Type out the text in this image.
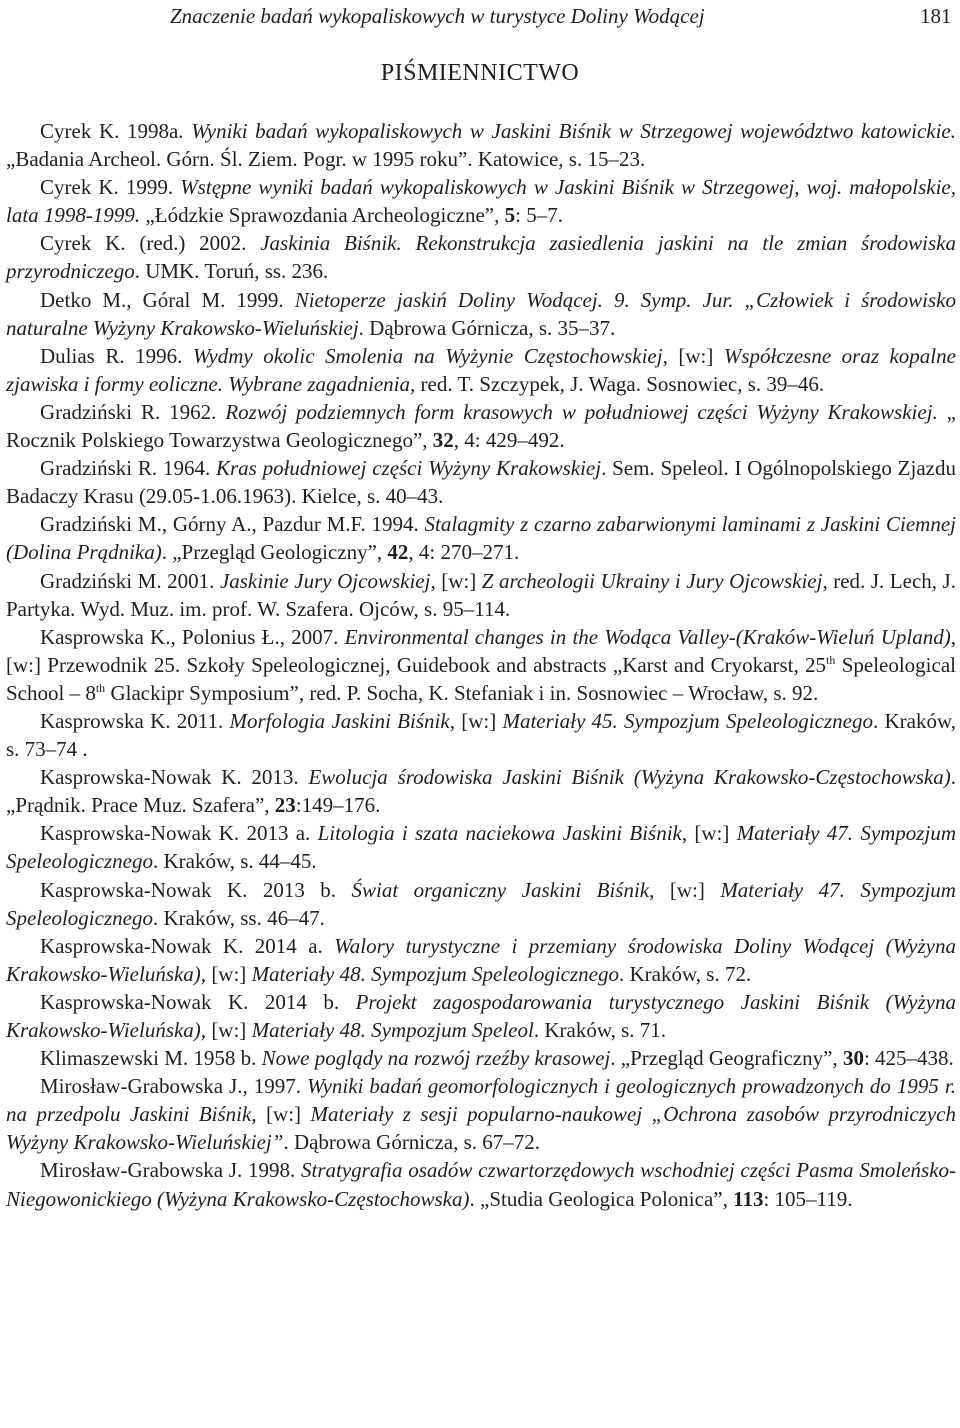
Znaczenie badań wykopaliskowych w turystyce Doliny Wodącej	181
PIŚMIENNICTWO

Cyrek K. 1998a. Wyniki badań wykopaliskowych w Jaskini Biśnik w Strzegowej województwo katowickie. „Badania Archeol. Górn. Śl. Ziem. Pogr. w 1995 roku”. Katowice, s. 15–23.

Cyrek K. 1999. Wstępne wyniki badań wykopaliskowych w Jaskini Biśnik w Strzegowej, woj. małopolskie, lata 1998-1999. „Łódzkie Sprawozdania Archeologiczne”, 5: 5–7.

Cyrek K. (red.) 2002. Jaskinia Biśnik. Rekonstrukcja zasiedlenia jaskini na tle zmian środowiska przyrodniczego. UMK. Toruń, ss. 236.

Detko M., Góral M. 1999. Nietoperze jaskiń Doliny Wodącej. 9. Symp. Jur. „Człowiek i środowisko naturalne Wyżyny Krakowsko-Wieluńskiej. Dąbrowa Górnicza, s. 35–37.

Dulias R. 1996. Wydmy okolic Smolenia na Wyżynie Częstochowskiej, [w:] Współczesne oraz kopalne zjawiska i formy eoliczne. Wybrane zagadnienia, red. T. Szczypek, J. Waga. Sosnowiec, s. 39–46.

Gradziński R. 1962. Rozwój podziemnych form krasowych w południowej części Wyżyny Krakowskiej. „ Rocznik Polskiego Towarzystwa Geologicznego”, 32, 4: 429–492.

Gradziński R. 1964. Kras południowej części Wyżyny Krakowskiej. Sem. Speleol. I Ogólnopolskiego Zjazdu Badaczy Krasu (29.05-1.06.1963). Kielce, s. 40–43.

Gradziński M., Górny A., Pazdur M.F. 1994. Stalagmity z czarno zabarwionymi laminami z Jaskini Ciemnej (Dolina Prądnika). „Przegląd Geologiczny”, 42, 4: 270–271.

Gradziński M. 2001. Jaskinie Jury Ojcowskiej, [w:] Z archeologii Ukrainy i Jury Ojcowskiej, red. J. Lech, J. Partyka. Wyd. Muz. im. prof. W. Szafera. Ojców, s. 95–114.

Kasprowska K., Polonius Ł., 2007. Environmental changes in the Wodąca Valley-(Kraków-Wieluń Upland), [w:] Przewodnik 25. Szkoły Speleologicznej, Guidebook and abstracts „Karst and Cryokarst, 25th Speleological School – 8th Glackipr Symposium”, red. P. Socha, K. Stefaniak i in. Sosnowiec – Wrocław, s. 92.

Kasprowska K. 2011. Morfologia Jaskini Biśnik, [w:] Materiały 45. Sympozjum Speleologicznego. Kraków, s. 73–74 .

Kasprowska-Nowak K. 2013. Ewolucja środowiska Jaskini Biśnik (Wyżyna Krakowsko-Częstochowska). „Prądnik. Prace Muz. Szafera”, 23:149–176.

Kasprowska-Nowak K. 2013 a. Litologia i szata naciekowa Jaskini Biśnik, [w:] Materiały 47. Sympozjum Speleologicznego. Kraków, s. 44–45.

Kasprowska-Nowak K. 2013 b. Świat organiczny Jaskini Biśnik, [w:] Materiały 47. Sympozjum Speleologicznego. Kraków, ss. 46–47.

Kasprowska-Nowak K. 2014 a. Walory turystyczne i przemiany środowiska Doliny Wodącej (Wyżyna Krakowsko-Wieluńska), [w:] Materiały 48. Sympozjum Speleologicznego. Kraków, s. 72.

Kasprowska-Nowak K. 2014 b. Projekt zagospodarowania turystycznego Jaskini Biśnik (Wyżyna Krakowsko-Wieluńska), [w:] Materiały 48. Sympozjum Speleol. Kraków, s. 71.

Klimaszewski M. 1958 b. Nowe poglądy na rozwój rzeźby krasowej. „Przegląd Geograficzny”, 30: 425–438.

Mirosław-Grabowska J., 1997. Wyniki badań geomorfologicznych i geologicznych prowadzonych do 1995 r. na przedpolu Jaskini Biśnik, [w:] Materiały z sesji popularno-naukowej „Ochrona zasobów przyrodniczych Wyżyny Krakowsko-Wieluńskiej”. Dąbrowa Górnicza, s. 67–72.

Mirosław-Grabowska J. 1998. Stratygrafia osadów czwartorzędowych wschodniej części Pasma Smoleńsko-Niegowonickiego (Wyżyna Krakowsko-Częstochowska). „Studia Geologica Polonica”, 113: 105–119.
